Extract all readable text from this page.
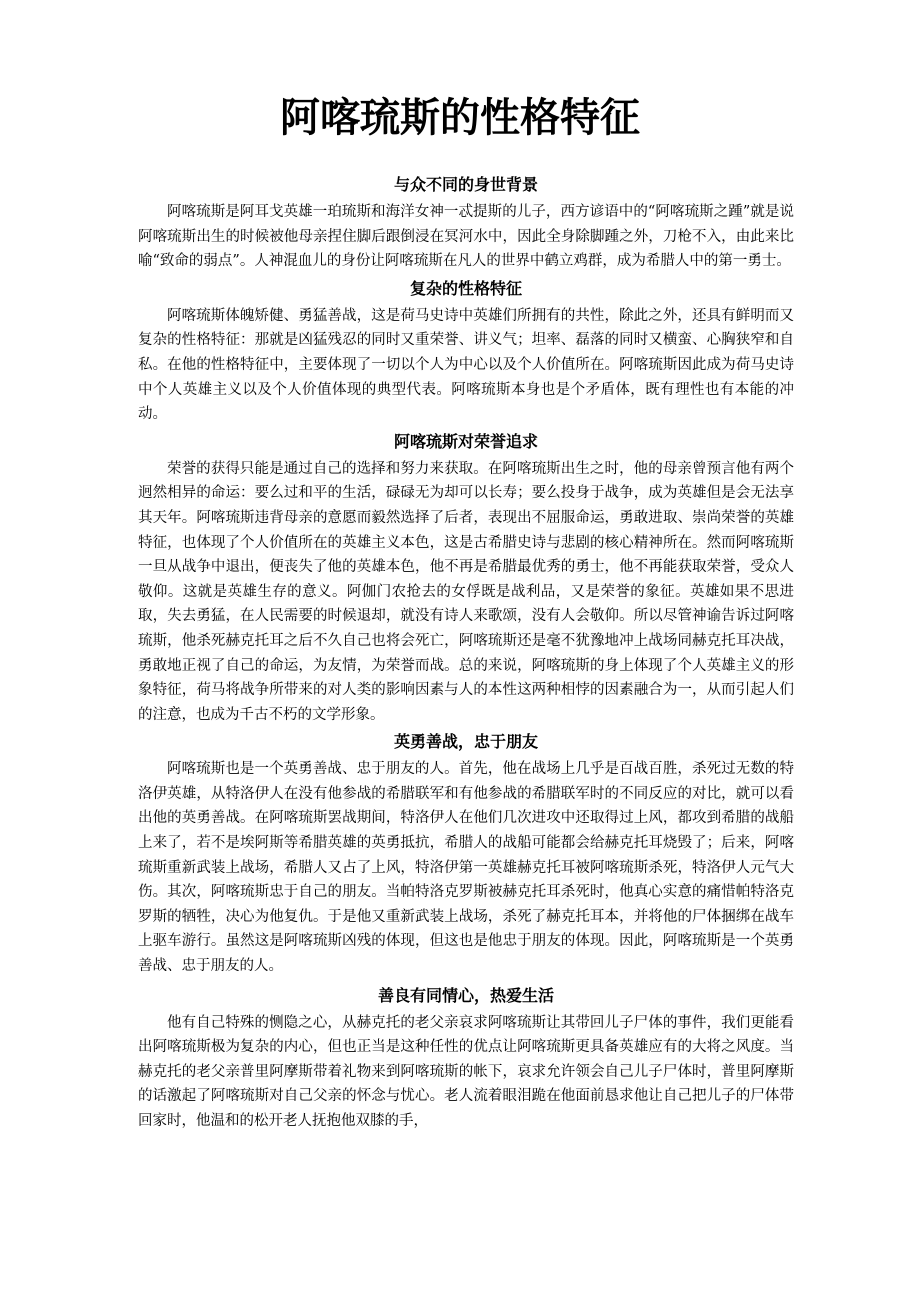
阿喀琉斯的性格特征
与众不同的身世背景

阿喀琉斯是阿耳戈英雄一珀琉斯和海洋女神一忒提斯的儿子，西方谚语中的“阿喀琉斯之踵”就是说阿喀琉斯出生的时候被他母亲捏住脚后跟倒浸在冥河水中，因此全身除脚踵之外，刀枪不入，由此来比喻“致命的弱点”。人神混血儿的身份让阿喀琉斯在凡人的世界中鹤立鸡群，成为希腊人中的第一勇士。

复杂的性格特征

阿喀琉斯体魄矫健、勇猛善战，这是荷马史诗中英雄们所拥有的共性，除此之外，还具有鲜明而又复杂的性格特征：那就是凶猛残忍的同时又重荣誉、讲义气；坦率、磊落的同时又横蛮、心胸狭窄和自私。在他的性格特征中，主要体现了一切以个人为中心以及个人价值所在。阿喀琉斯因此成为荷马史诗中个人英雄主义以及个人价值体现的典型代表。阿喀琉斯本身也是个矛盾体，既有理性也有本能的冲动。

阿喀琉斯对荣誉追求

荣誉的获得只能是通过自己的选择和努力来获取。在阿喀琉斯出生之时，他的母亲曾预言他有两个迥然相异的命运：要么过和平的生活，碌碌无为却可以长寿；要么投身于战争，成为英雄但是会无法享其天年。阿喀琉斯违背母亲的意愿而毅然选择了后者，表现出不屈服命运，勇敢进取、崇尚荣誉的英雄特征，也体现了个人价值所在的英雄主义本色，这是古希腊史诗与悲剧的核心精神所在。然而阿喀琉斯一旦从战争中退出，便丧失了他的英雄本色，他不再是希腊最优秀的勇士，他不再能获取荣誉，受众人敬仰。这就是英雄生存的意义。阿伽门农抢去的女俘既是战利品，又是荣誉的象征。英雄如果不思进取，失去勇猛，在人民需要的时候退却，就没有诗人来歌颂，没有人会敬仰。所以尽管神谕告诉过阿喀琉斯，他杀死赫克托耳之后不久自己也将会死亡，阿喀琉斯还是毫不犹豫地冲上战场同赫克托耳决战，勇敢地正视了自己的命运，为友情，为荣誉而战。总的来说，阿喀琉斯的身上体现了个人英雄主义的形象特征，荷马将战争所带来的对人类的影响因素与人的本性这两种相悖的因素融合为一，从而引起人们的注意，也成为千古不朽的文学形象。

英勇善战，忠于朋友

阿喀琉斯也是一个英勇善战、忠于朋友的人。首先，他在战场上几乎是百战百胜，杀死过无数的特洛伊英雄，从特洛伊人在没有他参战的希腊联军和有他参战的希腊联军时的不同反应的对比，就可以看出他的英勇善战。在阿喀琉斯罢战期间，特洛伊人在他们几次进攻中还取得过上风，都攻到希腊的战船上来了，若不是埃阿斯等希腊英雄的英勇抵抗，希腊人的战船可能都会给赫克托耳烧毁了；后来，阿喀琉斯重新武装上战场，希腊人又占了上风，特洛伊第一英雄赫克托耳被阿喀琉斯杀死，特洛伊人元气大伤。其次，阿喀琉斯忠于自己的朋友。当帕特洛克罗斯被赫克托耳杀死时，他真心实意的痛惜帕特洛克罗斯的牺牲，决心为他复仇。于是他又重新武装上战场，杀死了赫克托耳本，并将他的尸体捆绑在战车上驱车游行。虽然这是阿喀琉斯凶残的体现，但这也是他忠于朋友的体现。因此，阿喀琉斯是一个英勇善战、忠于朋友的人。

善良有同情心，热爱生活

他有自己特殊的恻隐之心，从赫克托的老父亲哀求阿喀琉斯让其带回儿子尸体的事件，我们更能看出阿喀琉斯极为复杂的内心，但也正当是这种任性的优点让阿喀琉斯更具备英雄应有的大将之风度。当赫克托的老父亲普里阿摩斯带着礼物来到阿喀琉斯的帐下，哀求允许领会自己儿子尸体时，普里阿摩斯的话激起了阿喀琉斯对自己父亲的怀念与忧心。老人流着眼泪跪在他面前恳求他让自己把儿子的尸体带回家时，他温和的松开老人抚抱他双膝的手，
